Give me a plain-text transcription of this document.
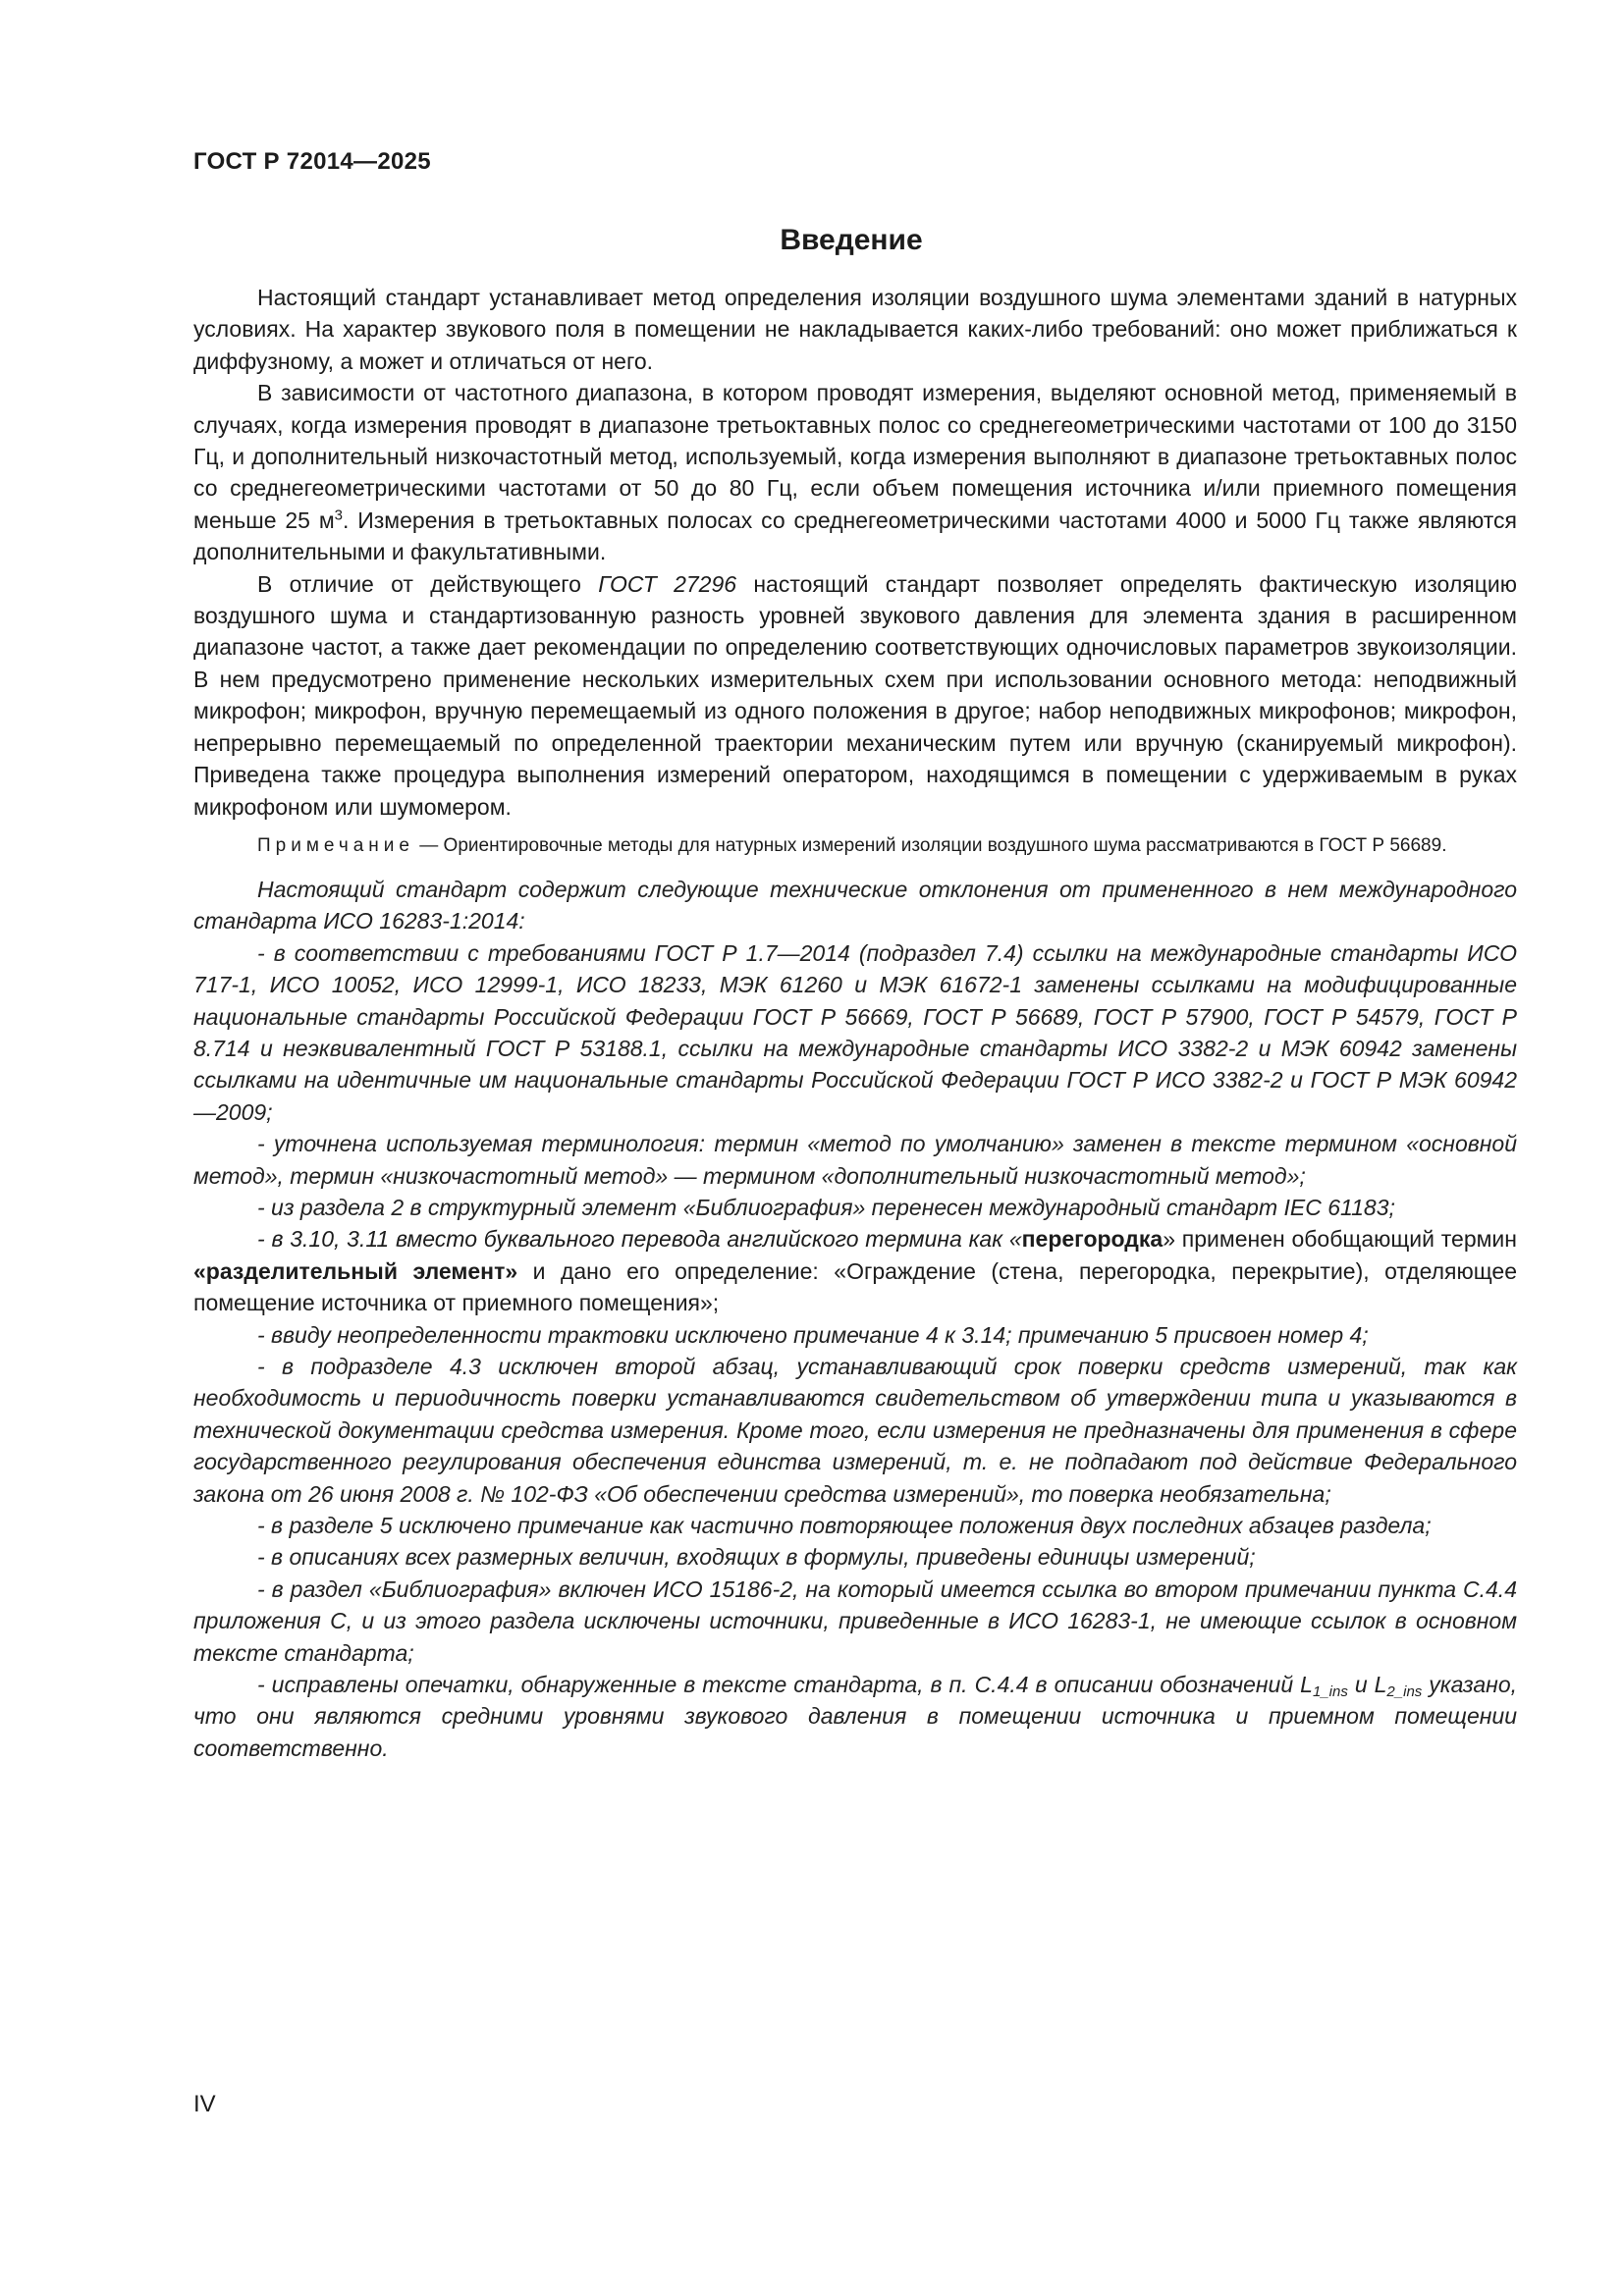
ГОСТ Р 72014—2025
Введение

Настоящий стандарт устанавливает метод определения изоляции воздушного шума элементами зданий в натурных условиях. На характер звукового поля в помещении не накладывается каких-либо требований: оно может приближаться к диффузному, а может и отличаться от него.

В зависимости от частотного диапазона, в котором проводят измерения, выделяют основной метод, применяемый в случаях, когда измерения проводят в диапазоне третьоктавных полос со среднегеометрическими частотами от 100 до 3150 Гц, и дополнительный низкочастотный метод, используемый, когда измерения выполняют в диапазоне третьоктавных полос со среднегеометрическими частотами от 50 до 80 Гц, если объем помещения источника и/или приемного помещения меньше 25 $м^3$. Измерения в третьоктавных полосах со среднегеометрическими частотами 4000 и 5000 Гц также являются дополнительными и факультативными.

В отличие от действующего ГОСТ 27296 настоящий стандарт позволяет определять фактическую изоляцию воздушного шума и стандартизованную разность уровней звукового давления для элемента здания в расширенном диапазоне частот, а также дает рекомендации по определению соответствующих одночисловых параметров звукоизоляции. В нем предусмотрено применение нескольких измерительных схем при использовании основного метода: неподвижный микрофон; микрофон, вручную перемещаемый из одного положения в другое; набор неподвижных микрофонов; микрофон, непрерывно перемещаемый по определенной траектории механическим путем или вручную (сканируемый микрофон). Приведена также процедура выполнения измерений оператором, находящимся в помещении с удерживаемым в руках микрофоном или шумомером.

Примечание — Ориентировочные методы для натурных измерений изоляции воздушного шума рассматриваются в ГОСТ Р 56689.

Настоящий стандарт содержит следующие технические отклонения от примененного в нем международного стандарта ИСО 16283-1:2014:

- в соответствии с требованиями ГОСТ Р 1.7—2014 (подраздел 7.4) ссылки на международные стандарты ИСО 717-1, ИСО 10052, ИСО 12999-1, ИСО 18233, МЭК 61260 и МЭК 61672-1 заменены ссылками на модифицированные национальные стандарты Российской Федерации ГОСТ Р 56669, ГОСТ Р 56689, ГОСТ Р 57900, ГОСТ Р 54579, ГОСТ Р 8.714 и неэквивалентный ГОСТ Р 53188.1, ссылки на международные стандарты ИСО 3382-2 и МЭК 60942 заменены ссылками на идентичные им национальные стандарты Российской Федерации ГОСТ Р ИСО 3382-2 и ГОСТ Р МЭК 60942—2009;

- уточнена используемая терминология: термин «метод по умолчанию» заменен в тексте термином «основной метод», термин «низкочастотный метод» — термином «дополнительный низкочастотный метод»;

- из раздела 2 в структурный элемент «Библиография» перенесен международный стандарт IEC 61183;

- в 3.10, 3.11 вместо буквального перевода английского термина как «перегородка» применен обобщающий термин «разделительный элемент» и дано его определение: «Ограждение (стена, перегородка, перекрытие), отделяющее помещение источника от приемного помещения»;

- ввиду неопределенности трактовки исключено примечание 4 к 3.14; примечанию 5 присвоен номер 4;

- в подразделе 4.3 исключен второй абзац, устанавливающий срок поверки средств измерений, так как необходимость и периодичность поверки устанавливаются свидетельством об утверждении типа и указываются в технической документации средства измерения. Кроме того, если измерения не предназначены для применения в сфере государственного регулирования обеспечения единства измерений, т. е. не подпадают под действие Федерального закона от 26 июня 2008 г. № 102-ФЗ «Об обеспечении средства измерений», то поверка необязательна;

- в разделе 5 исключено примечание как частично повторяющее положения двух последних абзацев раздела;

- в описаниях всех размерных величин, входящих в формулы, приведены единицы измерений;

- в раздел «Библиография» включен ИСО 15186-2, на который имеется ссылка во втором примечании пункта С.4.4 приложения С, и из этого раздела исключены источники, приведенные в ИСО 16283-1, не имеющие ссылок в основном тексте стандарта;

- исправлены опечатки, обнаруженные в тексте стандарта, в п. С.4.4 в описании обозначений $L_{1\_ins}$ и $L_{2\_ins}$ указано, что они являются средними уровнями звукового давления в помещении источника и приемном помещении соответственно.

IV
